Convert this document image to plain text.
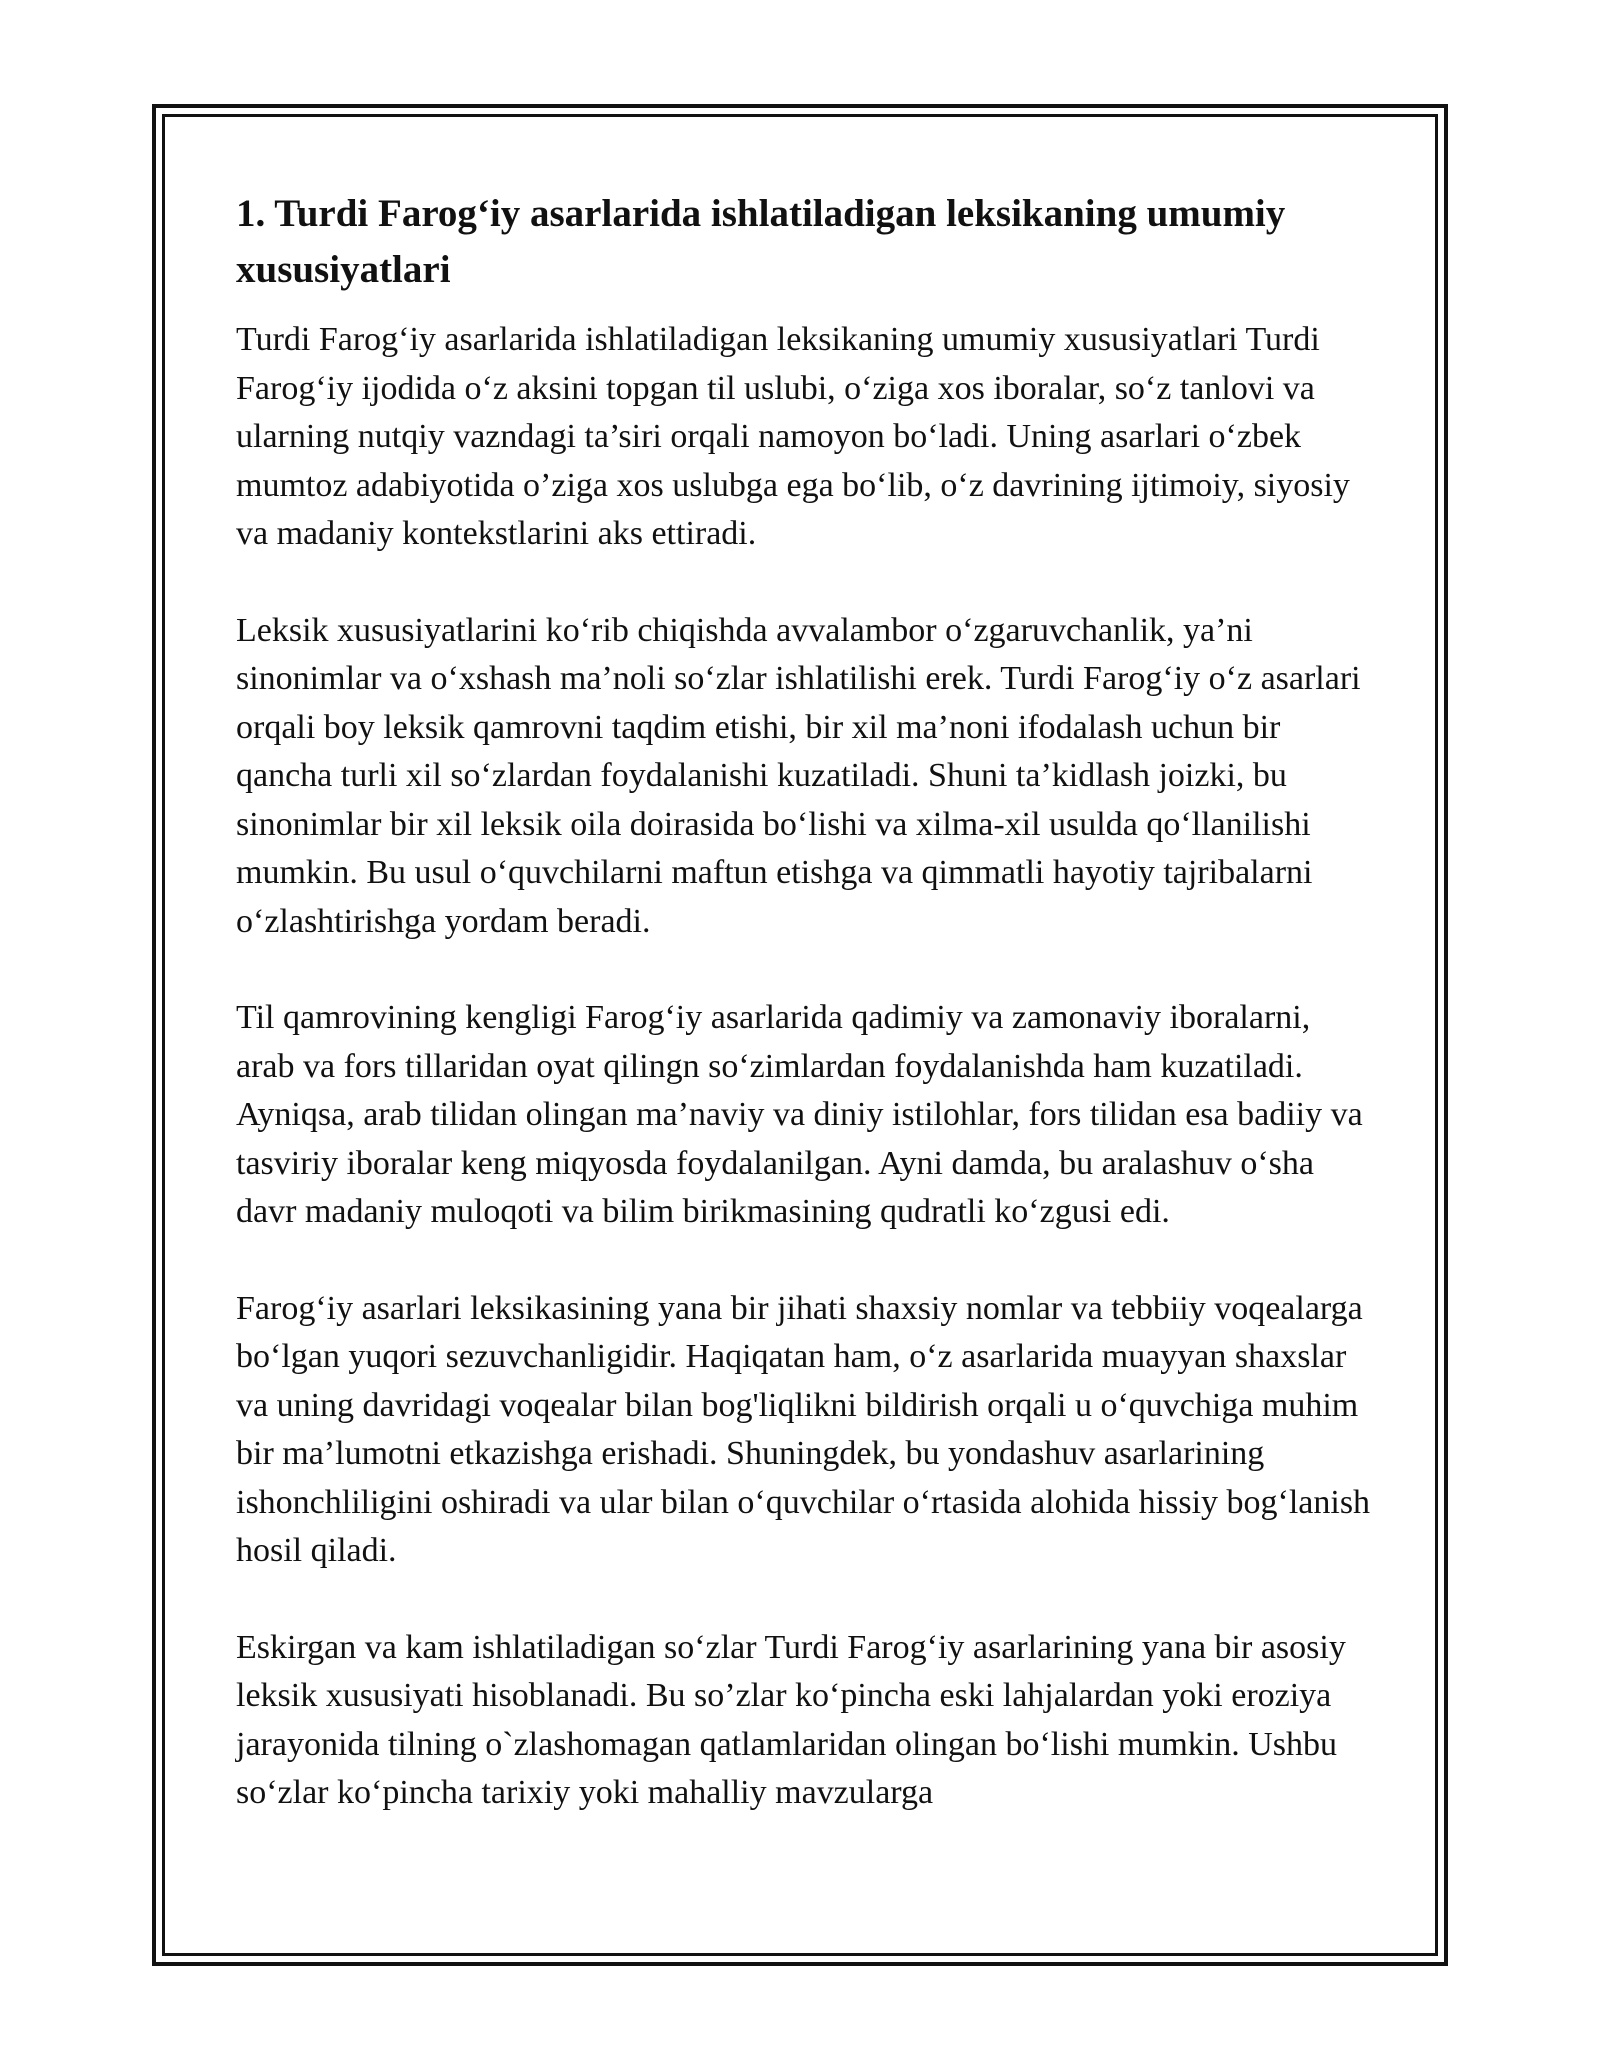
1. Turdi Farog‘iy asarlarida ishlatiladigan leksikaning umumiy xususiyatlari

Turdi Farog‘iy asarlarida ishlatiladigan leksikaning umumiy xususiyatlari Turdi Farog‘iy ijodida o‘z aksini topgan til uslubi, o‘ziga xos iboralar, so‘z tanlovi va ularning nutqiy vazndagi ta’siri orqali namoyon bo‘ladi. Uning asarlari o‘zbek mumtoz adabiyotida o’ziga xos uslubga ega bo‘lib, o‘z davrining ijtimoiy, siyosiy va madaniy kontekstlarini aks ettiradi.

Leksik xususiyatlarini ko‘rib chiqishda avvalambor o‘zgaruvchanlik, ya’ni sinonimlar va o‘xshash ma’noli so‘zlar ishlatilishi erek. Turdi Farog‘iy o‘z asarlari orqali boy leksik qamrovni taqdim etishi, bir xil ma’noni ifodalash uchun bir qancha turli xil so‘zlardan foydalanishi kuzatiladi. Shuni ta’kidlash joizki, bu sinonimlar bir xil leksik oila doirasida bo‘lishi va xilma-xil usulda qo‘llanilishi mumkin. Bu usul o‘quvchilarni maftun etishga va qimmatli hayotiy tajribalarni o‘zlashtirishga yordam beradi.

Til qamrovining kengligi Farog‘iy asarlarida qadimiy va zamonaviy iboralarni, arab va fors tillaridan oyat qilingn so‘zimlardan foydalanishda ham kuzatiladi. Ayniqsa, arab tilidan olingan ma’naviy va diniy istilohlar, fors tilidan esa badiiy va tasviriy iboralar keng miqyosda foydalanilgan. Ayni damda, bu aralashuv o‘sha davr madaniy muloqoti va bilim birikmasining qudratli ko‘zgusi edi.

Farog‘iy asarlari leksikasining yana bir jihati shaxsiy nomlar va tebbiiy voqealarga bo‘lgan yuqori sezuvchanligidir. Haqiqatan ham, o‘z asarlarida muayyan shaxslar va uning davridagi voqealar bilan bog'liqlikni bildirish orqali u o‘quvchiga muhim bir ma’lumotni etkazishga erishadi. Shuningdek, bu yondashuv asarlarining ishonchliligini oshiradi va ular bilan o‘quvchilar o‘rtasida alohida hissiy bog‘lanish hosil qiladi.

Eskirgan va kam ishlatiladigan so‘zlar Turdi Farog‘iy asarlarining yana bir asosiy leksik xususiyati hisoblanadi. Bu so’zlar ko‘pincha eski lahjalardan yoki eroziya jarayonida tilning o`zlashomagan qatlamlaridan olingan bo‘lishi mumkin. Ushbu so‘zlar ko‘pincha tarixiy yoki mahalliy mavzularga
